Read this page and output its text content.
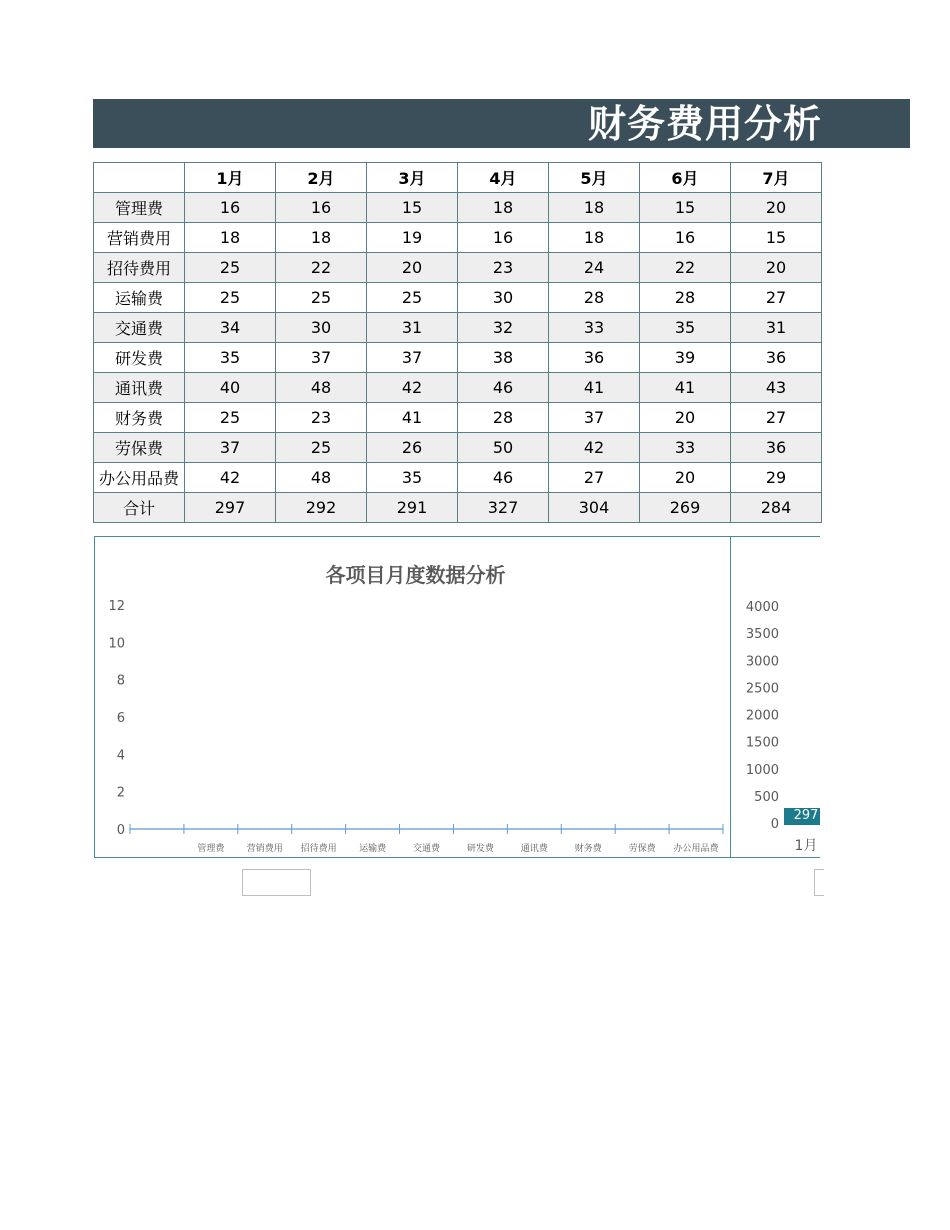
财务费用分析
	1月	2月	3月	4月	5月	6月	7月
管理费	16	16	15	18	18	15	20
营销费用	18	18	19	16	18	16	15
招待费用	25	22	20	23	24	22	20
运输费	25	25	25	30	28	28	27
交通费	34	30	31	32	33	35	31
研发费	35	37	37	38	36	39	36
通讯费	40	48	42	46	41	41	43
财务费	25	23	41	28	37	20	27
劳保费	37	25	26	50	42	33	36
办公用品费	42	48	35	46	27	20	29
合计	297	292	291	327	304	269	284
各项目月度数据分析
0
2
4
6
8
10
12
管理费 营销费用 招待费用 运输费	交通费	研发费	通讯费	财务费	劳保费 办公用品费
0
500
1000
1500
2000
2500
3000
3500
4000
297
1月
